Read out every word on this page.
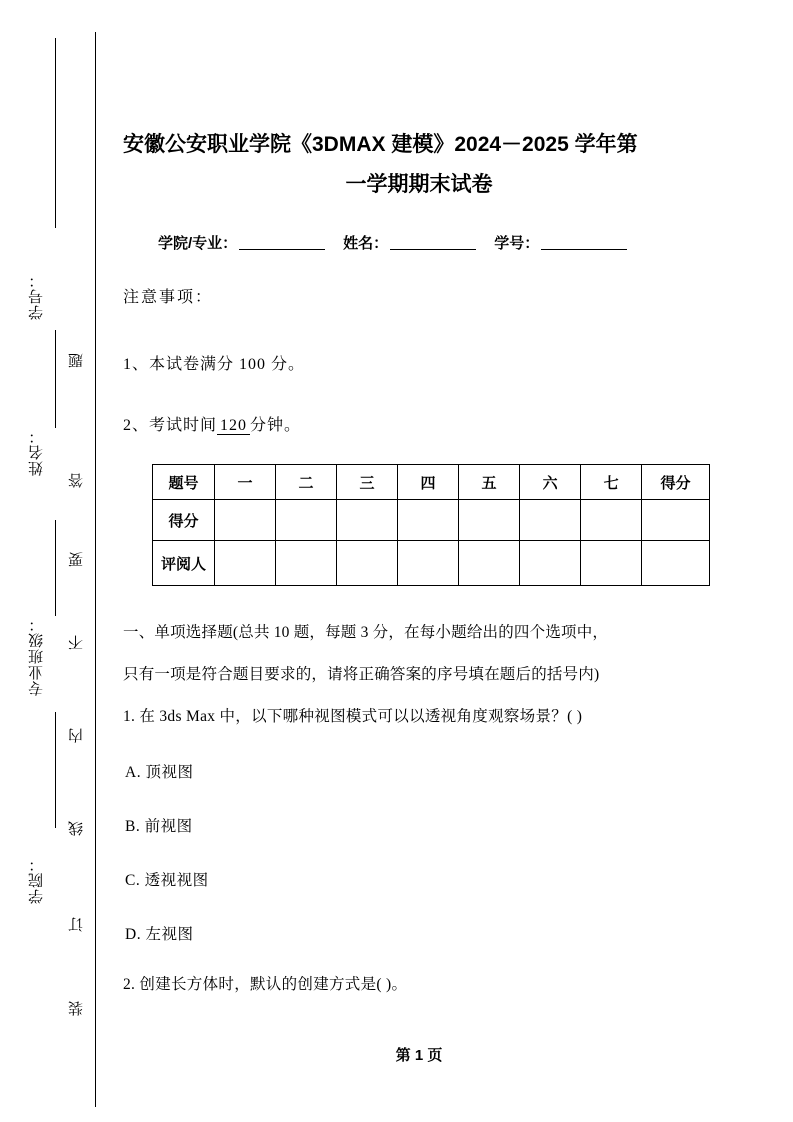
学号：
姓名：
专业班级：
学院：
题
答
要
不
内
线
订
装
安徽公安职业学院《3DMAX 建模》2024－2025 学年第
一学期期末试卷
学院/专业：	姓名：	学号：
注意事项：
1、本试卷满分 100 分。
2、考试时间 120 分钟。
题号	一	二	三	四	五	六	七	得分
得分								
评阅人								
一、单项选择题(总共 10 题，每题 3 分，在每小题给出的四个选项中，
只有一项是符合题目要求的，请将正确答案的序号填在题后的括号内)
1. 在 3ds Max 中，以下哪种视图模式可以以透视角度观察场景？( )
A. 顶视图
B. 前视图
C. 透视视图
D. 左视图
2. 创建长方体时，默认的创建方式是( )。
第 1 页
